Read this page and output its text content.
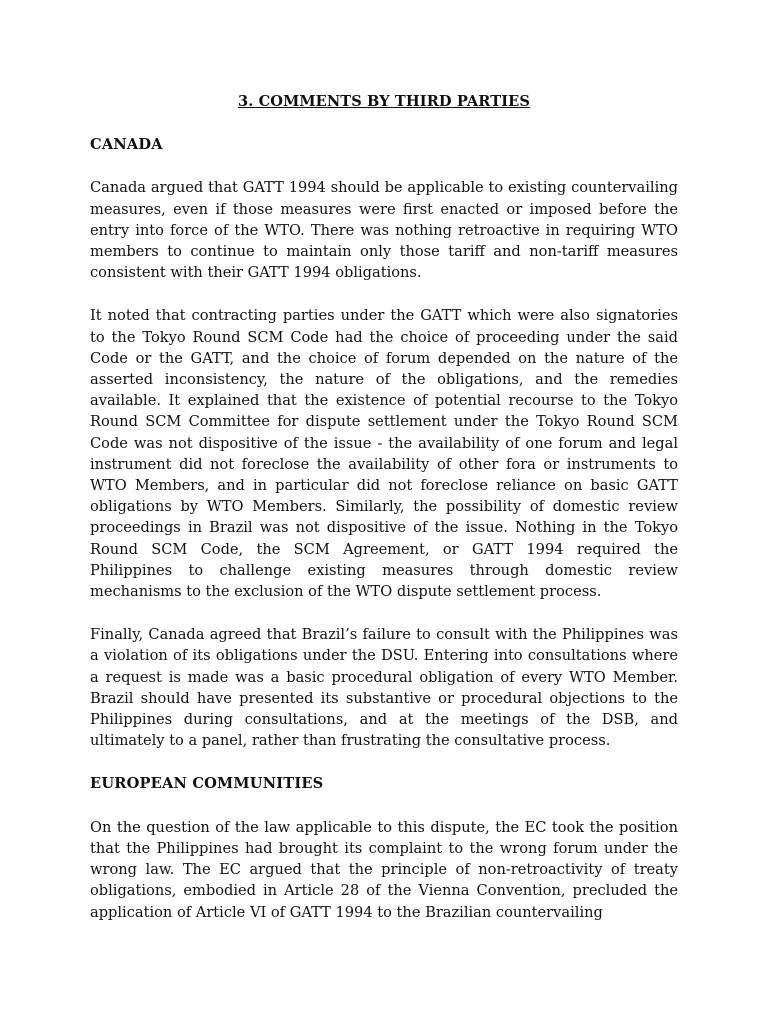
3. COMMENTS BY THIRD PARTIES
CANADA

Canada argued that GATT 1994 should be applicable to existing countervailing measures, even if those measures were first enacted or imposed before the entry into force of the WTO. There was nothing retroactive in requiring WTO members to continue to maintain only those tariff and non-tariff measures consistent with their GATT 1994 obligations.

It noted that contracting parties under the GATT which were also signatories to the Tokyo Round SCM Code had the choice of proceeding under the said Code or the GATT, and the choice of forum depended on the nature of the asserted inconsistency, the nature of the obligations, and the remedies available. It explained that the existence of potential recourse to the Tokyo Round SCM Committee for dispute settlement under the Tokyo Round SCM Code was not dispositive of the issue - the availability of one forum and legal instrument did not foreclose the availability of other fora or instruments to WTO Members, and in particular did not foreclose reliance on basic GATT obligations by WTO Members. Similarly, the possibility of domestic review proceedings in Brazil was not dispositive of the issue. Nothing in the Tokyo Round SCM Code, the SCM Agreement, or GATT 1994 required the Philippines to challenge existing measures through domestic review mechanisms to the exclusion of the WTO dispute settlement process.

Finally, Canada agreed that Brazil’s failure to consult with the Philippines was a violation of its obligations under the DSU. Entering into consultations where a request is made was a basic procedural obligation of every WTO Member. Brazil should have presented its substantive or procedural objections to the Philippines during consultations, and at the meetings of the DSB, and ultimately to a panel, rather than frustrating the consultative process.

EUROPEAN COMMUNITIES

On the question of the law applicable to this dispute, the EC took the position that the Philippines had brought its complaint to the wrong forum under the wrong law. The EC argued that the principle of non-retroactivity of treaty obligations, embodied in Article 28 of the Vienna Convention, precluded the application of Article VI of GATT 1994 to the Brazilian countervailing
